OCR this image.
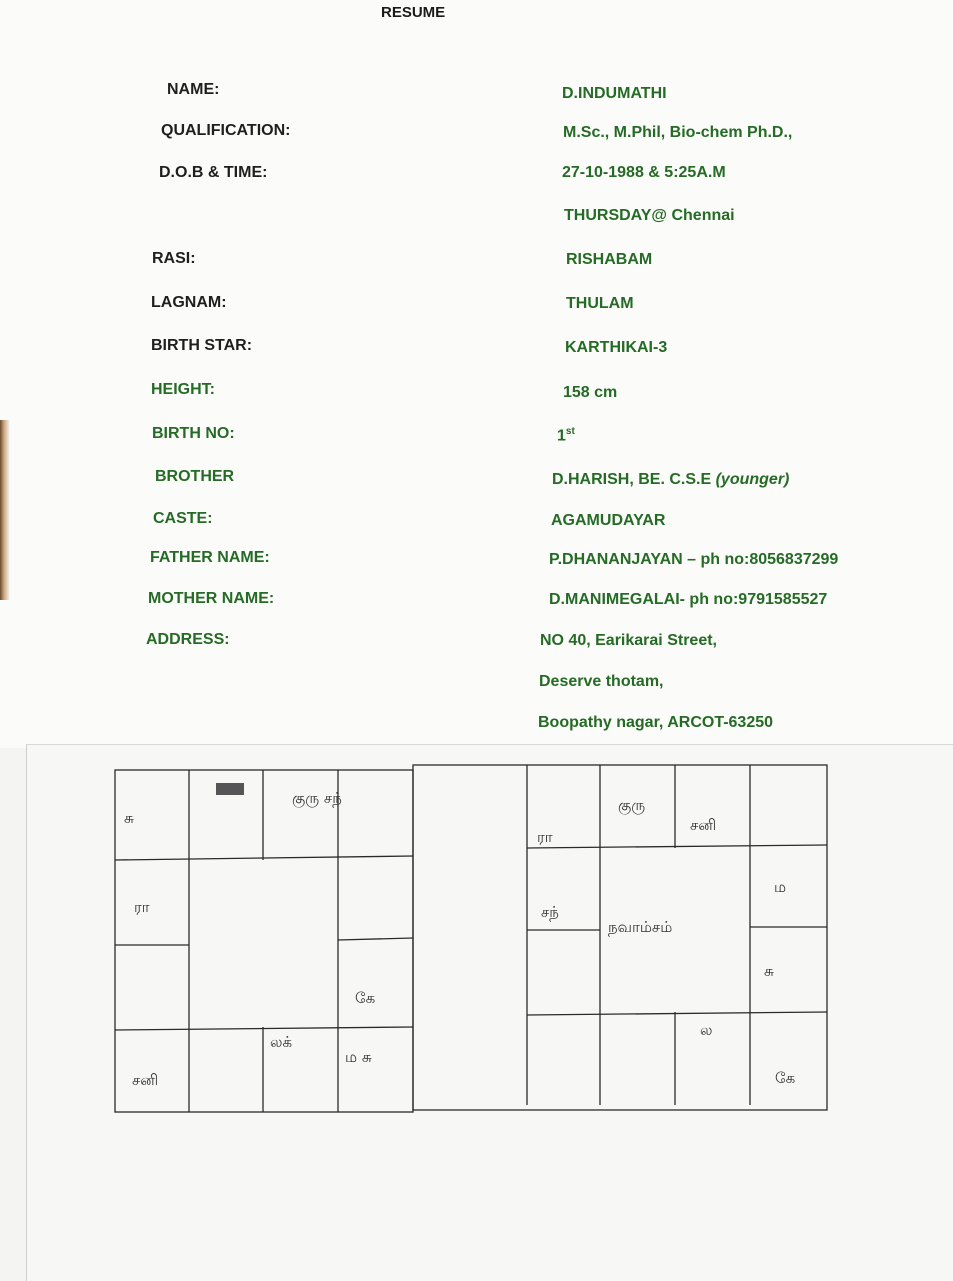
RESUME
NAME:
QUALIFICATION:
D.O.B & TIME:
RASI:
LAGNAM:
BIRTH STAR:
HEIGHT:
BIRTH NO:
BROTHER
CASTE:
FATHER NAME:
MOTHER NAME:
ADDRESS:
D.INDUMATHI
M.Sc., M.Phil, Bio-chem Ph.D.,
27-10-1988 & 5:25A.M
THURSDAY@ Chennai
RISHABAM
THULAM
KARTHIKAI-3
158 cm
1st
D.HARISH, BE. C.S.E (younger)
AGAMUDAYAR
P.DHANANJAYAN – ph no:8056837299
D.MANIMEGALAI- ph no:9791585527
NO 40, Earikarai Street,
Deserve thotam,
Boopathy nagar, ARCOT-63250
சு
குரு சந்
ரா
கே
சனி
லக்
ம சு
நவாம்சம்
ரா
குரு
சனி
ம
சந்
சு
ல
கே
